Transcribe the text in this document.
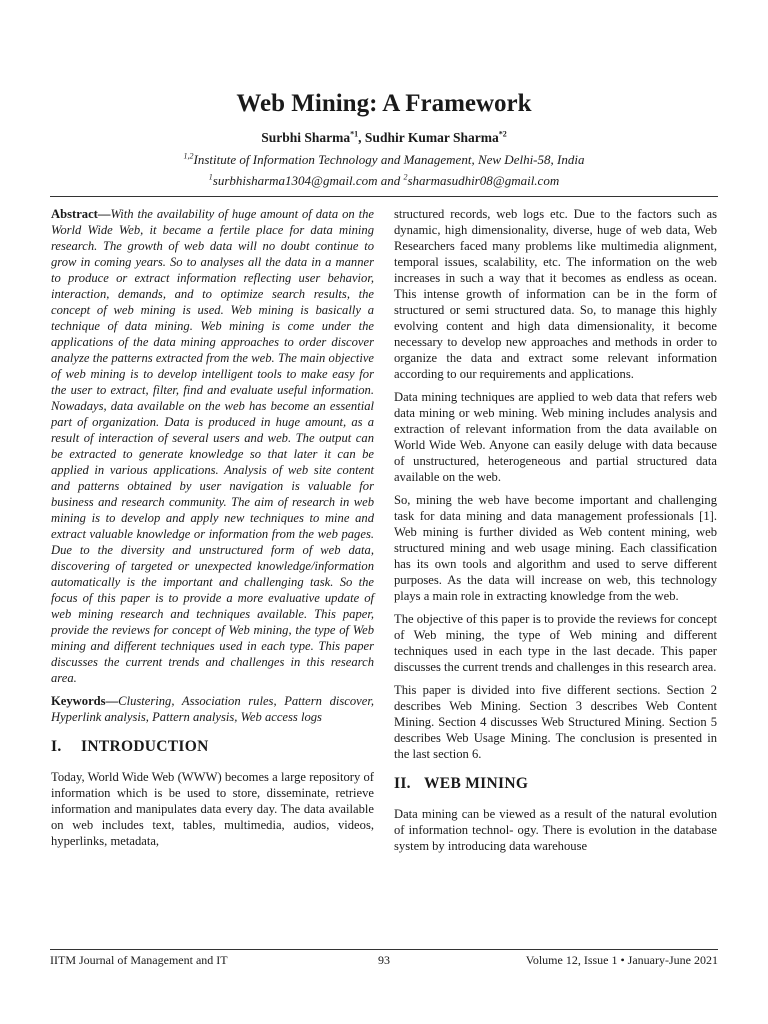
Web Mining: A Framework
Surbhi Sharma$^{*1}$, Sudhir Kumar Sharma$^{*2}$
$^{1,2}$Institute of Information Technology and Management, New Delhi-58, India
$^1$surbhisharma1304@gmail.com and $^2$sharmasudhir08@gmail.com

Abstract—With the availability of huge amount of data on the World Wide Web, it became a fertile place for data mining research. The growth of web data will no doubt continue to grow in coming years. So to analyses all the data in a manner to produce or extract information reflecting user behavior, interaction, demands, and to optimize search results, the concept of web mining is used. Web mining is basically a technique of data mining. Web mining is come under the applications of the data mining approaches to order discover analyze the patterns extracted from the web. The main objective of web mining is to develop intelligent tools to make easy for the user to extract, filter, find and evaluate useful information. Nowadays, data available on the web has become an essential part of organization. Data is produced in huge amount, as a result of interaction of several users and web. The output can be extracted to generate knowledge so that later it can be applied in various applications. Analysis of web site content and patterns obtained by user navigation is valuable for business and research community. The aim of research in web mining is to develop and apply new techniques to mine and extract valuable knowledge or information from the web pages. Due to the diversity and unstructured form of web data, discovering of targeted or unexpected knowledge/information automatically is the important and challenging task. So the focus of this paper is to provide a more evaluative update of web mining research and techniques available. This paper, provide the reviews for concept of Web mining, the type of Web mining and different techniques used in each type. This paper discusses the current trends and challenges in this research area.

Keywords—Clustering, Association rules, Pattern discover, Hyperlink analysis, Pattern analysis, Web access logs

I. INTRODUCTION

Today, World Wide Web (WWW) becomes a large repository of information which is be used to store, disseminate, retrieve information and manipulates data every day. The data available on web includes text, tables, multimedia, audios, videos, hyperlinks, metadata,

structured records, web logs etc. Due to the factors such as dynamic, high dimensionality, diverse, huge of web data, Web Researchers faced many problems like multimedia alignment, temporal issues, scalability, etc. The information on the web increases in such a way that it becomes as endless as ocean. This intense growth of information can be in the form of structured or semi structured data. So, to manage this highly evolving content and high data dimensionality, it become necessary to develop new approaches and methods in order to organize the data and extract some relevant information according to our requirements and applications.

Data mining techniques are applied to web data that refers web data mining or web mining. Web mining includes analysis and extraction of relevant information from the data available on World Wide Web. Anyone can easily deluge with data because of unstructured, heterogeneous and partial structured data available on the web.

So, mining the web have become important and challenging task for data mining and data management professionals [1]. Web mining is further divided as Web content mining, web structured mining and web usage mining. Each classification has its own tools and algorithm and used to serve different purposes. As the data will increase on web, this technology plays a main role in extracting knowledge from the web.

The objective of this paper is to provide the reviews for concept of Web mining, the type of Web mining and different techniques used in each type in the last decade. This paper discusses the current trends and challenges in this research area.

This paper is divided into five different sections. Section 2 describes Web Mining. Section 3 describes Web Content Mining. Section 4 discusses Web Structured Mining. Section 5 describes Web Usage Mining. The conclusion is presented in the last section 6.

II. WEB MINING

Data mining can be viewed as a result of the natural evolution of information technol- ogy. There is evolution in the database system by introducing data warehouse

IITM Journal of Management and IT	93	Volume 12, Issue 1 • January-June 2021
